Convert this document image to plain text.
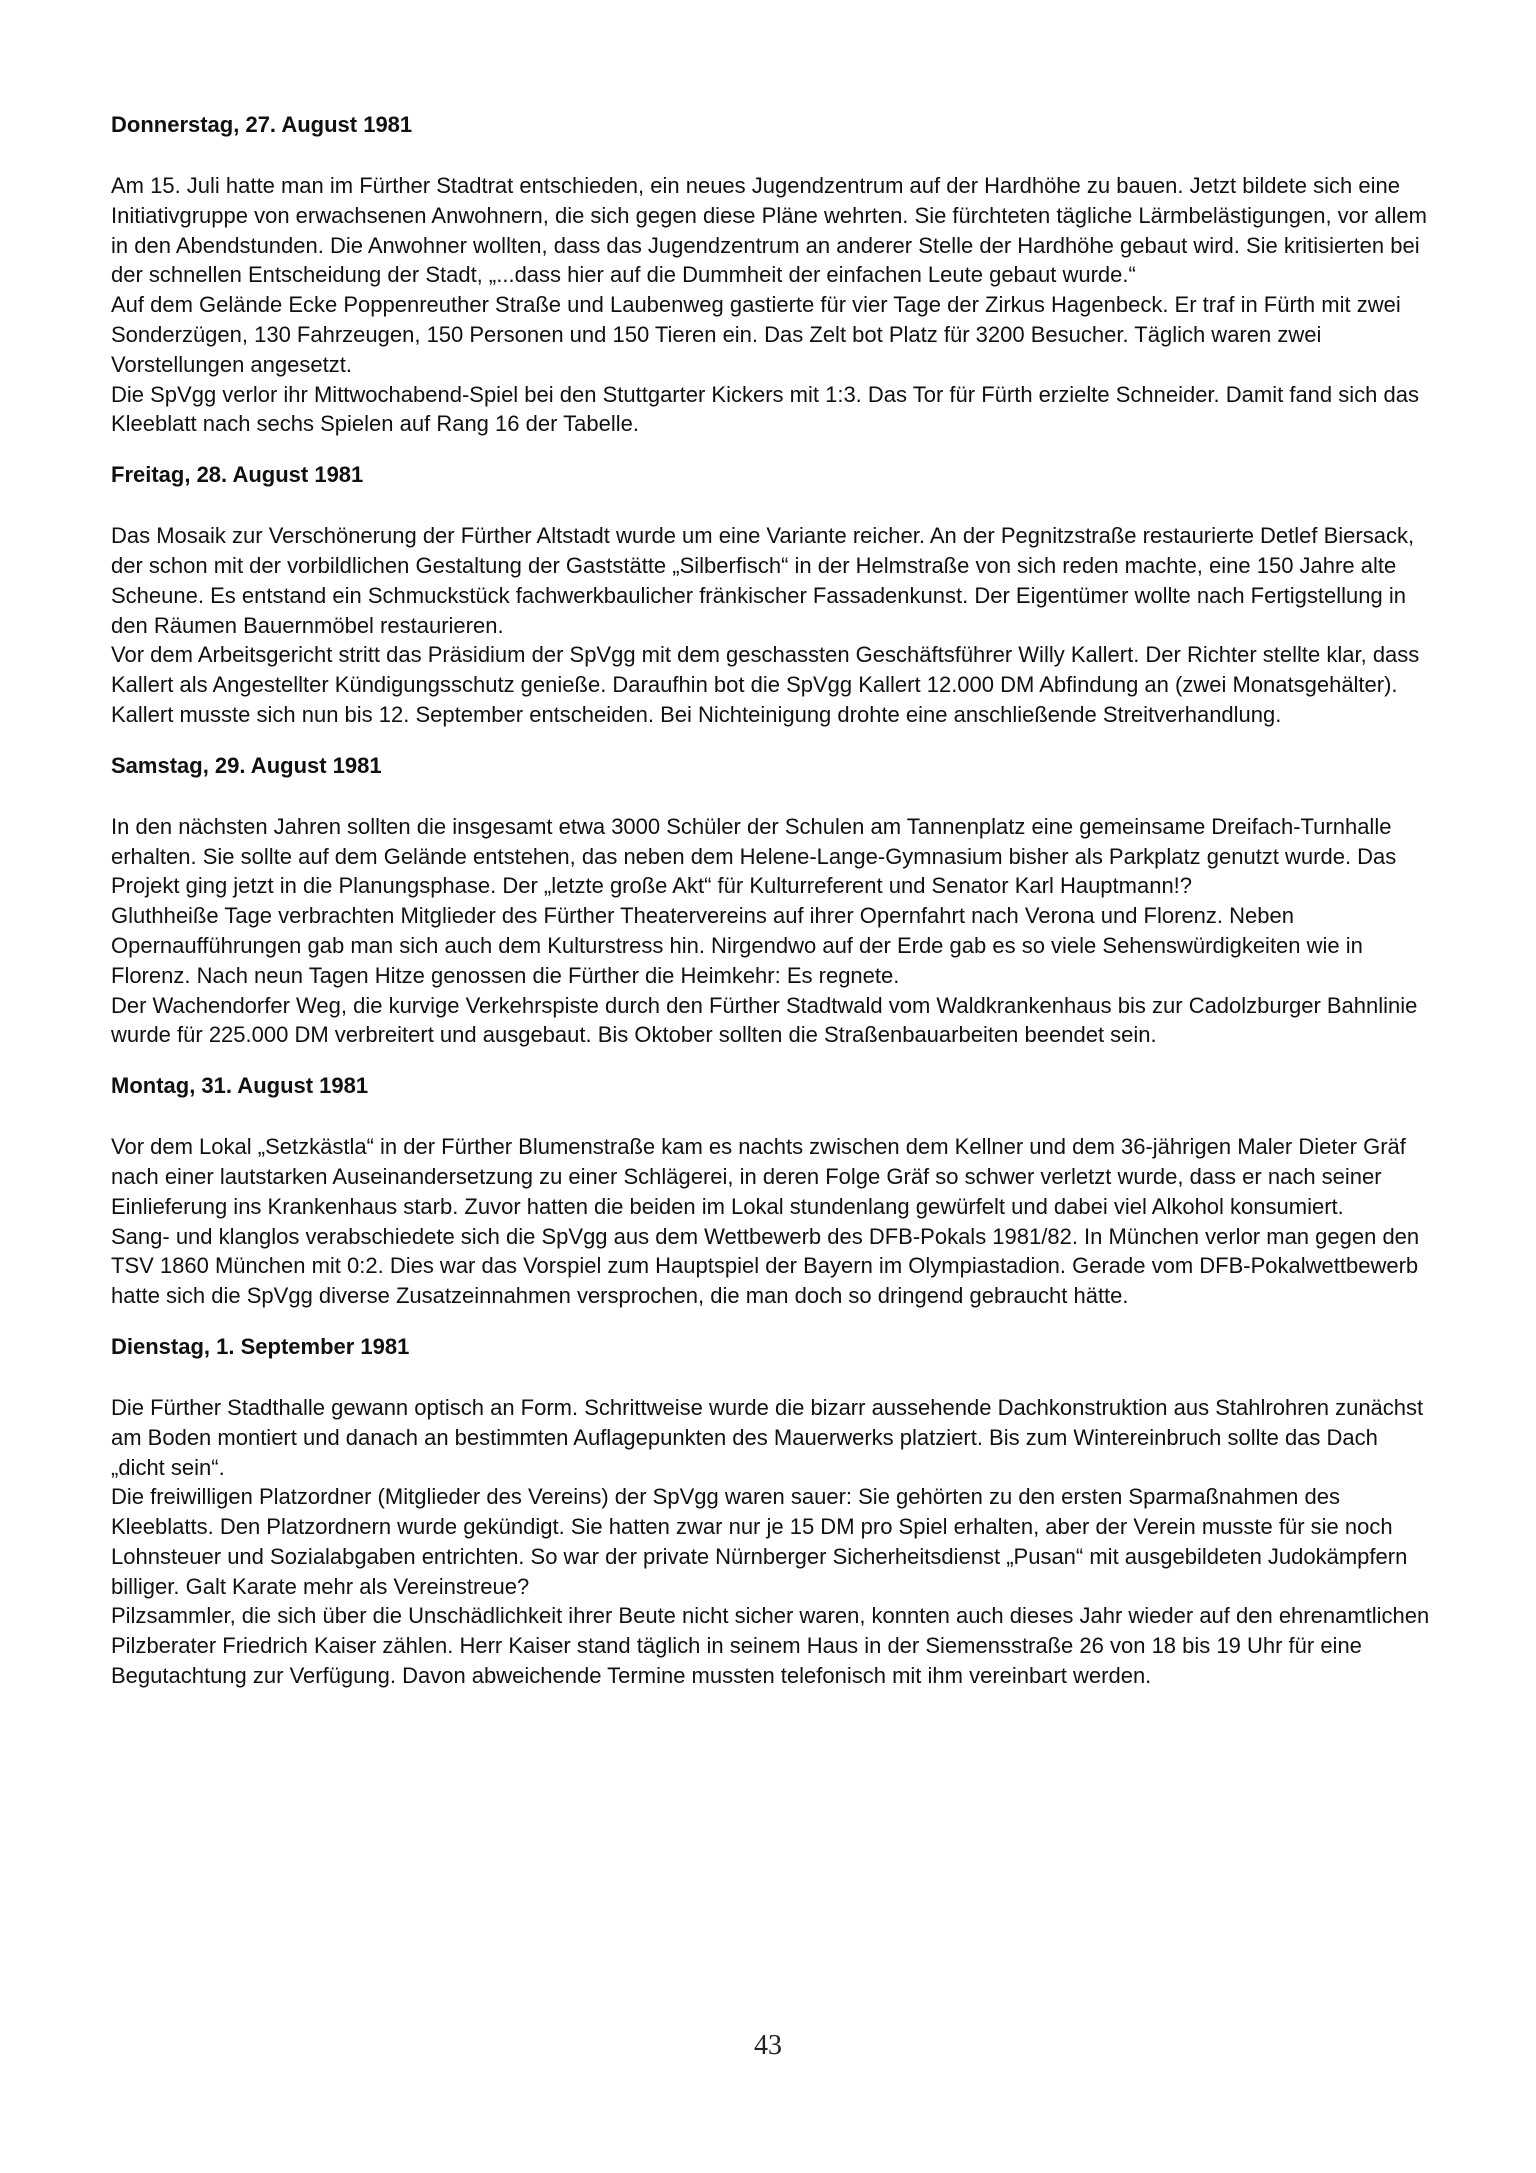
Donnerstag, 27. August 1981

Am 15. Juli hatte man im Fürther Stadtrat entschieden, ein neues Jugendzentrum auf der Hardhöhe zu bauen. Jetzt bildete sich eine Initiativgruppe von erwachsenen Anwohnern, die sich gegen diese Pläne wehrten. Sie fürchteten tägliche Lärmbelästigungen, vor allem in den Abendstunden. Die Anwohner wollten, dass das Jugendzentrum an anderer Stelle der Hardhöhe gebaut wird. Sie kritisierten bei der schnellen Entscheidung der Stadt, „...dass hier auf die Dummheit der einfachen Leute gebaut wurde.“

Auf dem Gelände Ecke Poppenreuther Straße und Laubenweg gastierte für vier Tage der Zirkus Hagenbeck. Er traf in Fürth mit zwei Sonderzügen, 130 Fahrzeugen, 150 Personen und 150 Tieren ein. Das Zelt bot Platz für 3200 Besucher. Täglich waren zwei Vorstellungen angesetzt.

Die SpVgg verlor ihr Mittwochabend-Spiel bei den Stuttgarter Kickers mit 1:3. Das Tor für Fürth erzielte Schneider. Damit fand sich das Kleeblatt nach sechs Spielen auf Rang 16 der Tabelle.

Freitag, 28. August 1981

Das Mosaik zur Verschönerung der Fürther Altstadt wurde um eine Variante reicher. An der Pegnitzstraße restaurierte Detlef Biersack, der schon mit der vorbildlichen Gestaltung der Gaststätte „Silberfisch“ in der Helmstraße von sich reden machte, eine 150 Jahre alte Scheune. Es entstand ein Schmuckstück fachwerkbaulicher fränkischer Fassadenkunst. Der Eigentümer wollte nach Fertigstellung in den Räumen Bauernmöbel restaurieren.

Vor dem Arbeitsgericht stritt das Präsidium der SpVgg mit dem geschassten Geschäftsführer Willy Kallert. Der Richter stellte klar, dass Kallert als Angestellter Kündigungsschutz genieße. Daraufhin bot die SpVgg Kallert 12.000 DM Abfindung an (zwei Monatsgehälter). Kallert musste sich nun bis 12. September entscheiden. Bei Nichteinigung drohte eine anschließende Streitverhandlung.

Samstag, 29. August 1981

In den nächsten Jahren sollten die insgesamt etwa 3000 Schüler der Schulen am Tannenplatz eine gemeinsame Dreifach-Turnhalle erhalten. Sie sollte auf dem Gelände entstehen, das neben dem Helene-Lange-Gymnasium bisher als Parkplatz genutzt wurde. Das Projekt ging jetzt in die Planungsphase. Der „letzte große Akt“ für Kulturreferent und Senator Karl Hauptmann!?

Gluthheiße Tage verbrachten Mitglieder des Fürther Theatervereins auf ihrer Opernfahrt nach Verona und Florenz. Neben Opernaufführungen gab man sich auch dem Kulturstress hin. Nirgendwo auf der Erde gab es so viele Sehenswürdigkeiten wie in Florenz. Nach neun Tagen Hitze genossen die Fürther die Heimkehr: Es regnete.

Der Wachendorfer Weg, die kurvige Verkehrspiste durch den Fürther Stadtwald vom Waldkrankenhaus bis zur Cadolzburger Bahnlinie wurde für 225.000 DM verbreitert und ausgebaut. Bis Oktober sollten die Straßenbauarbeiten beendet sein.

Montag, 31. August 1981

Vor dem Lokal „Setzkästla“ in der Fürther Blumenstraße kam es nachts zwischen dem Kellner und dem 36-jährigen Maler Dieter Gräf nach einer lautstarken Auseinandersetzung zu einer Schlägerei, in deren Folge Gräf so schwer verletzt wurde, dass er nach seiner Einlieferung ins Krankenhaus starb. Zuvor hatten die beiden im Lokal stundenlang gewürfelt und dabei viel Alkohol konsumiert.

Sang- und klanglos verabschiedete sich die SpVgg aus dem Wettbewerb des DFB-Pokals 1981/82. In München verlor man gegen den TSV 1860 München mit 0:2. Dies war das Vorspiel zum Hauptspiel der Bayern im Olympiastadion. Gerade vom DFB-Pokalwettbewerb hatte sich die SpVgg diverse Zusatzeinnahmen versprochen, die man doch so dringend gebraucht hätte.

Dienstag, 1. September 1981

Die Fürther Stadthalle gewann optisch an Form. Schrittweise wurde die bizarr aussehende Dachkonstruktion aus Stahlrohren zunächst am Boden montiert und danach an bestimmten Auflagepunkten des Mauerwerks platziert. Bis zum Wintereinbruch sollte das Dach „dicht sein“.

Die freiwilligen Platzordner (Mitglieder des Vereins) der SpVgg waren sauer: Sie gehörten zu den ersten Sparmaßnahmen des Kleeblatts. Den Platzordnern wurde gekündigt. Sie hatten zwar nur je 15 DM pro Spiel erhalten, aber der Verein musste für sie noch Lohnsteuer und Sozialabgaben entrichten. So war der private Nürnberger Sicherheitsdienst „Pusan“ mit ausgebildeten Judokämpfern billiger. Galt Karate mehr als Vereinstreue?

Pilzsammler, die sich über die Unschädlichkeit ihrer Beute nicht sicher waren, konnten auch dieses Jahr wieder auf den ehrenamtlichen Pilzberater Friedrich Kaiser zählen. Herr Kaiser stand täglich in seinem Haus in der Siemensstraße 26 von 18 bis 19 Uhr für eine Begutachtung zur Verfügung. Davon abweichende Termine mussten telefonisch mit ihm vereinbart werden.

43
